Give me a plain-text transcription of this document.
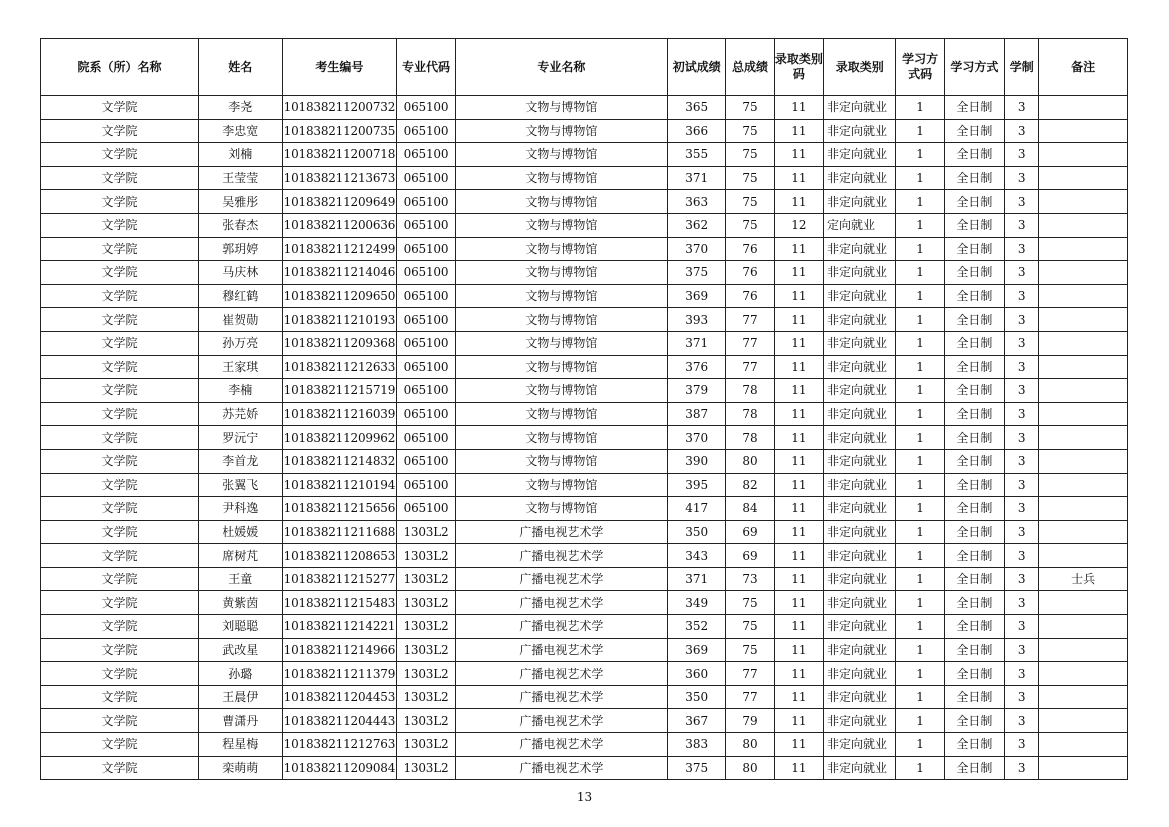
院系（所）名称	姓名	考生编号	专业代码	专业名称	初试成绩	总成绩	录取类别码	录取类别	学习方式码	学习方式	学制	备注
文学院	李尧	101838211200732	065100	文物与博物馆	365	75	11	非定向就业	1	全日制	3	
文学院	李忠宽	101838211200735	065100	文物与博物馆	366	75	11	非定向就业	1	全日制	3	
文学院	刘楠	101838211200718	065100	文物与博物馆	355	75	11	非定向就业	1	全日制	3	
文学院	王莹莹	101838211213673	065100	文物与博物馆	371	75	11	非定向就业	1	全日制	3	
文学院	吴雅彤	101838211209649	065100	文物与博物馆	363	75	11	非定向就业	1	全日制	3	
文学院	张春杰	101838211200636	065100	文物与博物馆	362	75	12	定向就业	1	全日制	3	
文学院	郭玥婷	101838211212499	065100	文物与博物馆	370	76	11	非定向就业	1	全日制	3	
文学院	马庆林	101838211214046	065100	文物与博物馆	375	76	11	非定向就业	1	全日制	3	
文学院	穆红鹤	101838211209650	065100	文物与博物馆	369	76	11	非定向就业	1	全日制	3	
文学院	崔贺勋	101838211210193	065100	文物与博物馆	393	77	11	非定向就业	1	全日制	3	
文学院	孙万亮	101838211209368	065100	文物与博物馆	371	77	11	非定向就业	1	全日制	3	
文学院	王家琪	101838211212633	065100	文物与博物馆	376	77	11	非定向就业	1	全日制	3	
文学院	李楠	101838211215719	065100	文物与博物馆	379	78	11	非定向就业	1	全日制	3	
文学院	苏芫娇	101838211216039	065100	文物与博物馆	387	78	11	非定向就业	1	全日制	3	
文学院	罗沅宁	101838211209962	065100	文物与博物馆	370	78	11	非定向就业	1	全日制	3	
文学院	李首龙	101838211214832	065100	文物与博物馆	390	80	11	非定向就业	1	全日制	3	
文学院	张翼飞	101838211210194	065100	文物与博物馆	395	82	11	非定向就业	1	全日制	3	
文学院	尹科逸	101838211215656	065100	文物与博物馆	417	84	11	非定向就业	1	全日制	3	
文学院	杜媛媛	101838211211688	1303L2	广播电视艺术学	350	69	11	非定向就业	1	全日制	3	
文学院	席树芃	101838211208653	1303L2	广播电视艺术学	343	69	11	非定向就业	1	全日制	3	
文学院	王童	101838211215277	1303L2	广播电视艺术学	371	73	11	非定向就业	1	全日制	3	士兵
文学院	黄紫茵	101838211215483	1303L2	广播电视艺术学	349	75	11	非定向就业	1	全日制	3	
文学院	刘聪聪	101838211214221	1303L2	广播电视艺术学	352	75	11	非定向就业	1	全日制	3	
文学院	武改星	101838211214966	1303L2	广播电视艺术学	369	75	11	非定向就业	1	全日制	3	
文学院	孙璐	101838211211379	1303L2	广播电视艺术学	360	77	11	非定向就业	1	全日制	3	
文学院	王晨伊	101838211204453	1303L2	广播电视艺术学	350	77	11	非定向就业	1	全日制	3	
文学院	曹潇丹	101838211204443	1303L2	广播电视艺术学	367	79	11	非定向就业	1	全日制	3	
文学院	程星梅	101838211212763	1303L2	广播电视艺术学	383	80	11	非定向就业	1	全日制	3	
文学院	栾萌萌	101838211209084	1303L2	广播电视艺术学	375	80	11	非定向就业	1	全日制	3	
13
